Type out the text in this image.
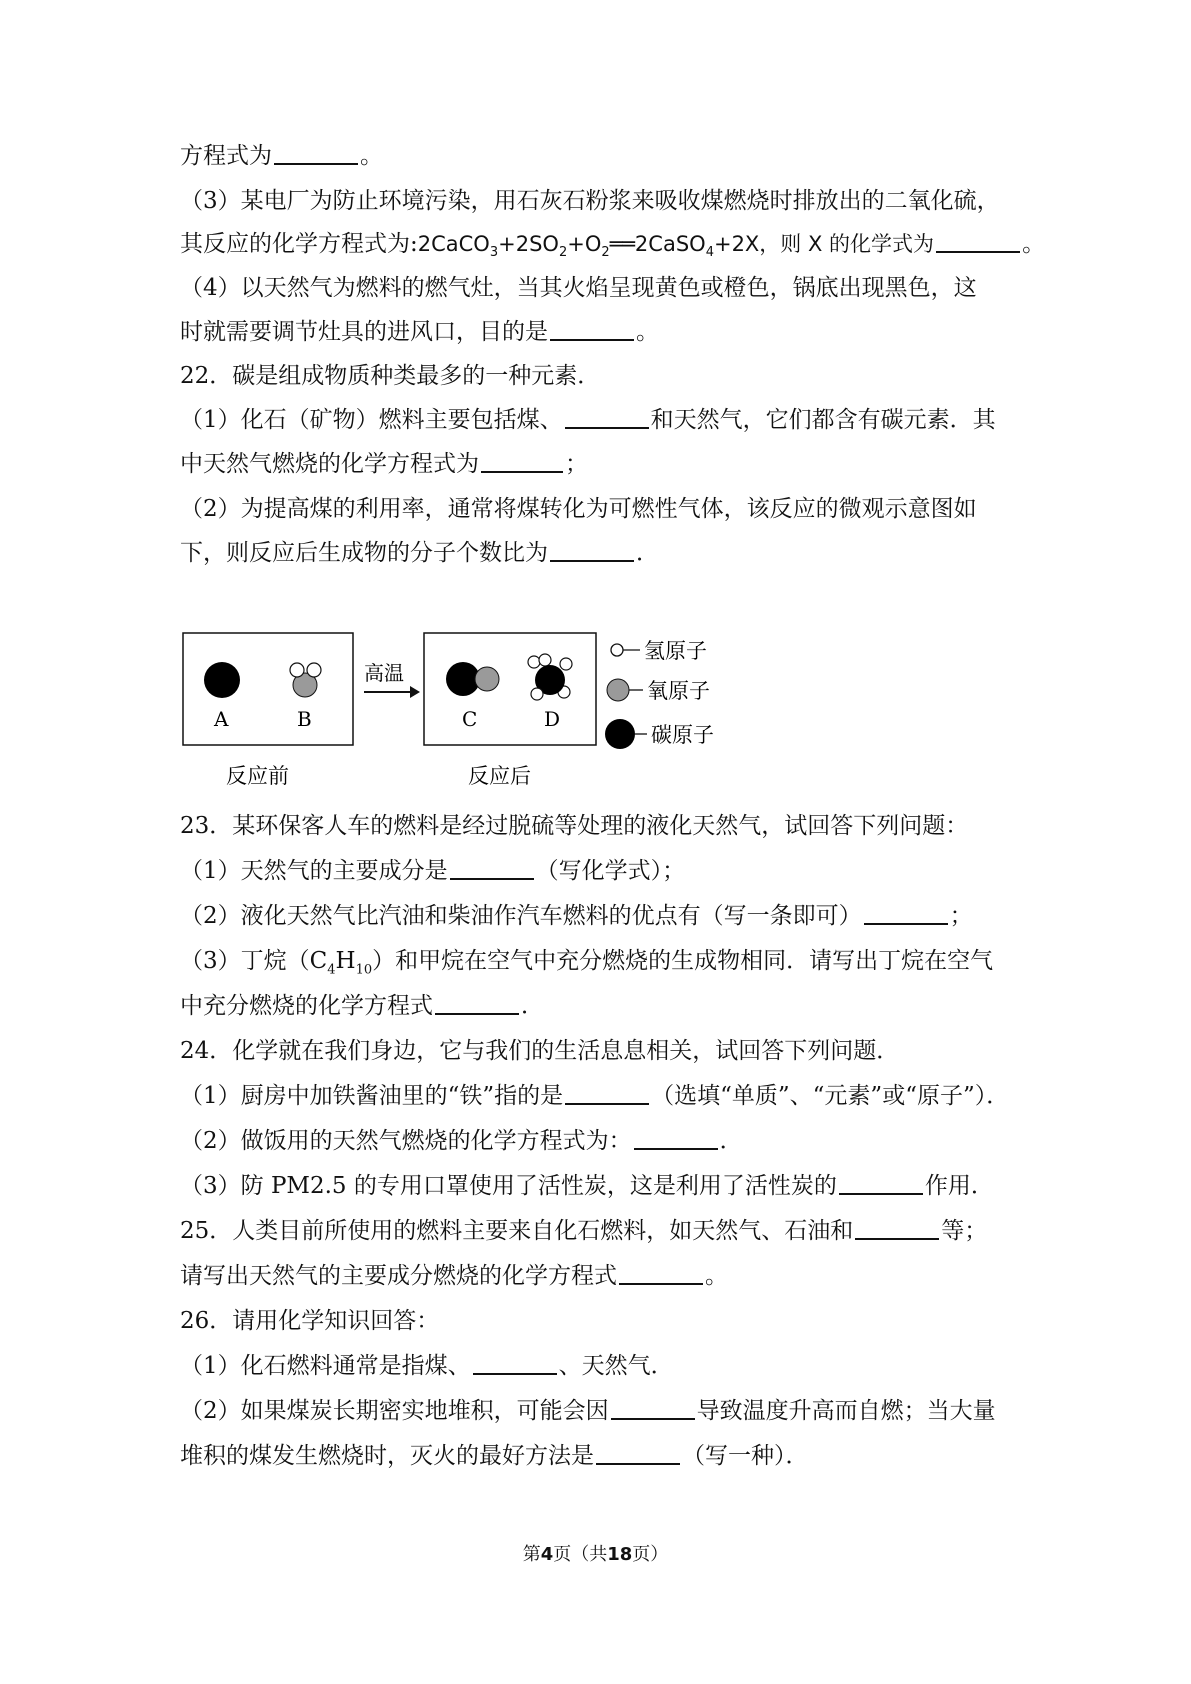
方程式为	。
（3）某电厂为防止环境污染，用石灰石粉浆来吸收煤燃烧时排放出的二氧化硫，
其反应的化学方程式为$:2CaCO_3+2SO_2+O_2══2CaSO_4+2X$，则 X 的化学式为	。
（4）以天然气为燃料的燃气灶，当其火焰呈现黄色或橙色，锅底出现黑色，这
时就需要调节灶具的进风口，目的是	。
22．碳是组成物质种类最多的一种元素．
（1）化石（矿物）燃料主要包括煤、	和天然气，它们都含有碳元素．其
中天然气燃烧的化学方程式为	；
（2）为提高煤的利用率，通常将煤转化为可燃性气体，该反应的微观示意图如
下，则反应后生成物的分子个数比为	．
A	B
高温
C	D
反应前	反应后
氢原子
氧原子
碳原子
23．某环保客人车的燃料是经过脱硫等处理的液化天然气，试回答下列问题：
（1）天然气的主要成分是	（写化学式）；
（2）液化天然气比汽油和柴油作汽车燃料的优点有（写一条即可）	；
（3）丁烷$(C_4H_{10})$和甲烷在空气中充分燃烧的生成物相同．请写出丁烷在空气
中充分燃烧的化学方程式	．
24．化学就在我们身边，它与我们的生活息息相关，试回答下列问题．
（1）厨房中加铁酱油里的“铁”指的是	（选填“单质”、“元素”或“原子”）．
（2）做饭用的天然气燃烧的化学方程式为：	．
（3）防 PM2.5 的专用口罩使用了活性炭，这是利用了活性炭的	作用．
25．人类目前所使用的燃料主要来自化石燃料，如天然气、石油和	等；
请写出天然气的主要成分燃烧的化学方程式	。
26．请用化学知识回答：
（1）化石燃料通常是指煤、	、天然气．
（2）如果煤炭长期密实地堆积，可能会因	导致温度升高而自燃；当大量
堆积的煤发生燃烧时，灭火的最好方法是	（写一种）．
第4页（共18页）
